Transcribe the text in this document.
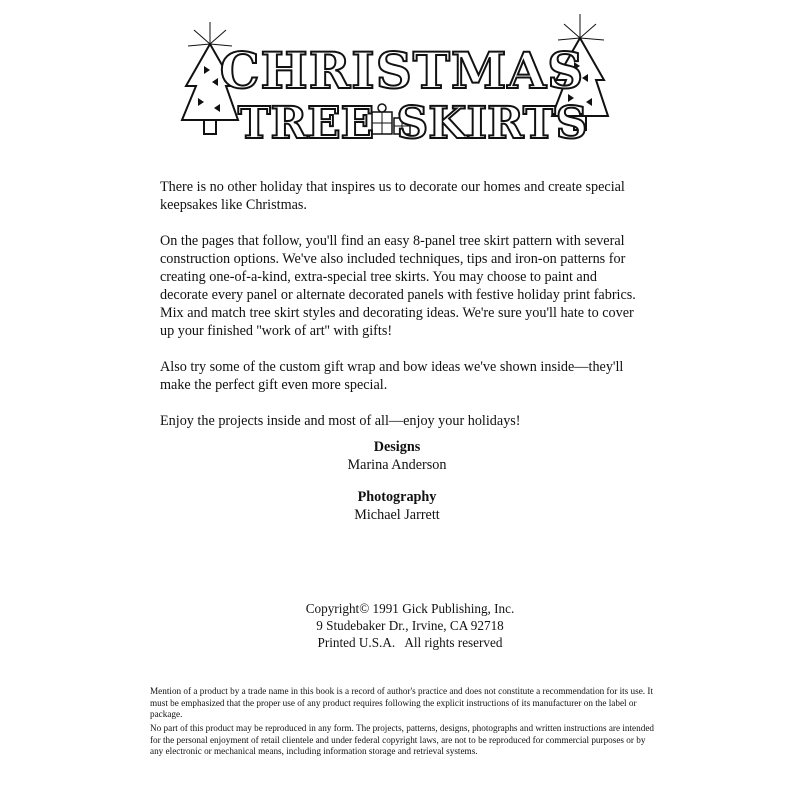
CHRISTMAS
TREE SKIRTS

There is no other holiday that inspires us to decorate our homes and create special keepsakes like Christmas.

On the pages that follow, you'll find an easy 8-panel tree skirt pattern with several construction options. We've also included techniques, tips and iron-on patterns for creating one-of-a-kind, extra-special tree skirts. You may choose to paint and decorate every panel or alternate decorated panels with festive holiday print fabrics. Mix and match tree skirt styles and decorating ideas. We're sure you'll hate to cover up your finished ''work of art'' with gifts!

Also try some of the custom gift wrap and bow ideas we've shown inside—they'll make the perfect gift even more special.

Enjoy the projects inside and most of all—enjoy your holidays!

Designs
Marina Anderson
Photography
Michael Jarrett
Copyright© 1991 Gick Publishing, Inc.
9 Studebaker Dr., Irvine, CA 92718
Printed U.S.A.   All rights reserved

Mention of a product by a trade name in this book is a record of author's practice and does not constitute a recommendation for its use. It must be emphasized that the proper use of any product requires following the explicit instructions of its manufacturer on the label or package.

No part of this product may be reproduced in any form. The projects, patterns, designs, photographs and written instructions are intended for the personal enjoyment of retail clientele and under federal copyright laws, are not to be reproduced for commercial purposes or by any electronic or mechanical means, including information storage and retrieval systems.
